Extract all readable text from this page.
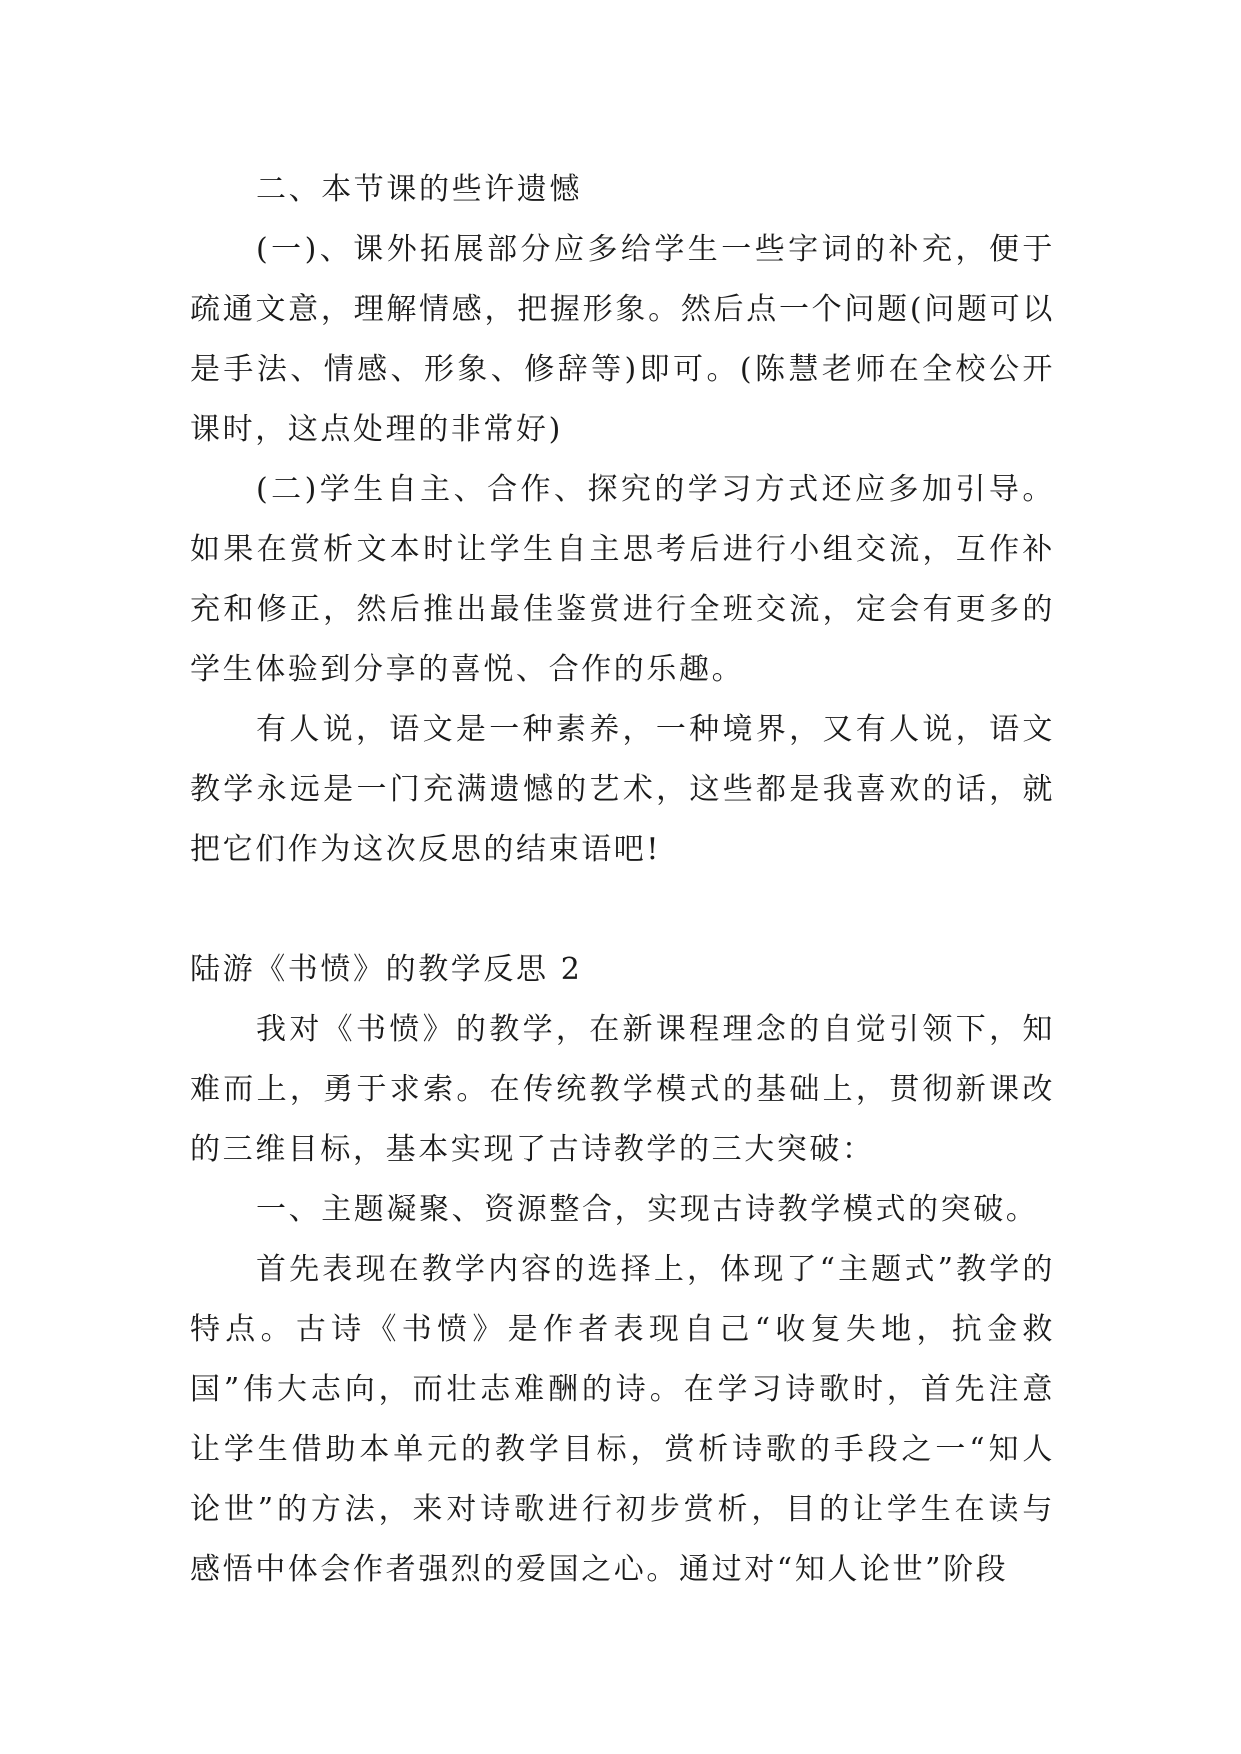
二、本节课的些许遗憾

(一)、课外拓展部分应多给学生一些字词的补充，便于疏通文意，理解情感，把握形象。然后点一个问题(问题可以是手法、情感、形象、修辞等)即可。(陈慧老师在全校公开课时，这点处理的非常好)

(二)学生自主、合作、探究的学习方式还应多加引导。如果在赏析文本时让学生自主思考后进行小组交流，互作补充和修正，然后推出最佳鉴赏进行全班交流，定会有更多的学生体验到分享的喜悦、合作的乐趣。

有人说，语文是一种素养，一种境界，又有人说，语文教学永远是一门充满遗憾的艺术，这些都是我喜欢的话，就把它们作为这次反思的结束语吧!

陆游《书愤》的教学反思 2

我对《书愤》的教学，在新课程理念的自觉引领下，知难而上，勇于求索。在传统教学模式的基础上，贯彻新课改的三维目标，基本实现了古诗教学的三大突破：

一、主题凝聚、资源整合，实现古诗教学模式的突破。

首先表现在教学内容的选择上，体现了“主题式”教学的特点。古诗《书愤》是作者表现自己“收复失地，抗金救国”伟大志向，而壮志难酬的诗。在学习诗歌时，首先注意让学生借助本单元的教学目标，赏析诗歌的手段之一“知人论世”的方法，来对诗歌进行初步赏析，目的让学生在读与感悟中体会作者强烈的爱国之心。通过对“知人论世”阶段
